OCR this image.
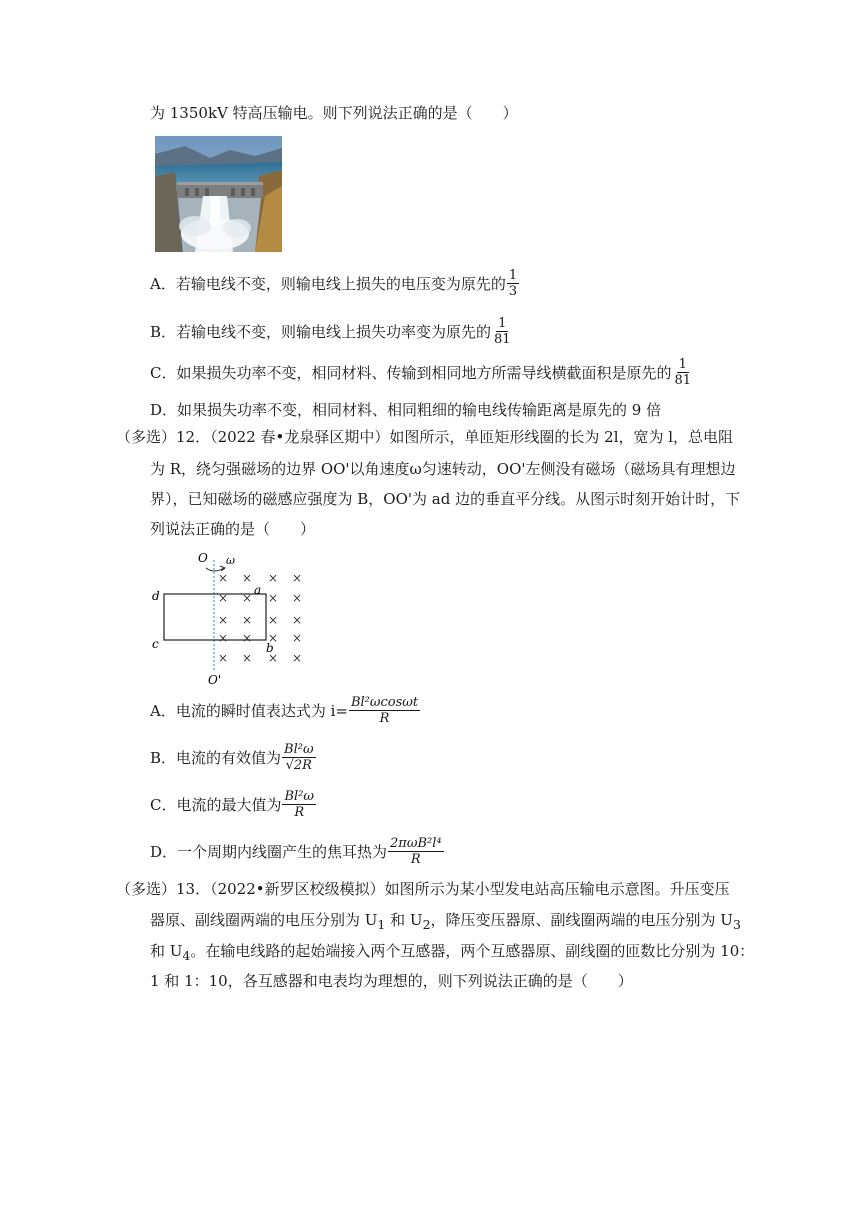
为 1350kV 特高压输电。则下列说法正确的是（　　）
A．若输电线不变，则输电线上损失的电压变为原先的 $\frac{1}{3}$
B．若输电线不变，则输电线上损失功率变为原先的 $\frac{1}{81}$
C．如果损失功率不变，相同材料、传输到相同地方所需导线横截面积是原先的 $\frac{1}{81}$
D．如果损失功率不变，相同材料、相同粗细的输电线传输距离是原先的 9 倍
（多选）12．（2022 春•龙泉驿区期中）如图所示，单匝矩形线圈的长为 2l，宽为 l，总电阻
为 R，绕匀强磁场的边界 OO'以角速度ω匀速转动，OO'左侧没有磁场（磁场具有理想边
界），已知磁场的磁感应强度为 B，OO'为 ad 边的垂直平分线。从图示时刻开始计时，下
列说法正确的是（　　）
O ω
O'
d
c
a
b
× × × ×
× × × ×
× × × ×
× × × ×
× × × ×
A．电流的瞬时值表达式为 $i= \frac{\text{Bl²ωcosωt}}{R}$
B．电流的有效值为 $\frac{\text{Bl²ω}}{√2R}$
C．电流的最大值为 $\frac{\text{Bl²ω}}{R}$
D．一个周期内线圈产生的焦耳热为 $\frac{\text{2πωB²l⁴}}{R}$
（多选）13．（2022•新罗区校级模拟）如图所示为某小型发电站高压输电示意图。升压变压
器原、副线圈两端的电压分别为 $U_1$ 和 $U_2$，降压变压器原、副线圈两端的电压分别为 $U_3$
和 $U_4$。在输电线路的起始端接入两个互感器，两个互感器原、副线圈的匝数比分别为 10：
1 和 1：10，各互感器和电表均为理想的，则下列说法正确的是（　　）
